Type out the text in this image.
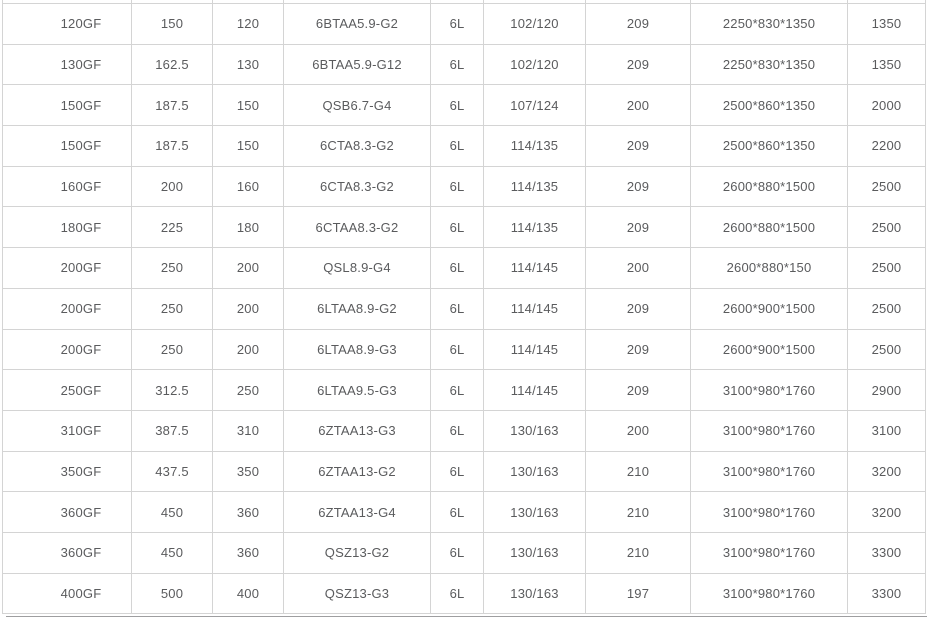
120GF	150	120	6BTAA5.9-G2	6L	102/120	209	2250*830*1350	1350
130GF	162.5	130	6BTAA5.9-G12	6L	102/120	209	2250*830*1350	1350
150GF	187.5	150	QSB6.7-G4	6L	107/124	200	2500*860*1350	2000
150GF	187.5	150	6CTA8.3-G2	6L	114/135	209	2500*860*1350	2200
160GF	200	160	6CTA8.3-G2	6L	114/135	209	2600*880*1500	2500
180GF	225	180	6CTAA8.3-G2	6L	114/135	209	2600*880*1500	2500
200GF	250	200	QSL8.9-G4	6L	114/145	200	2600*880*150	2500
200GF	250	200	6LTAA8.9-G2	6L	114/145	209	2600*900*1500	2500
200GF	250	200	6LTAA8.9-G3	6L	114/145	209	2600*900*1500	2500
250GF	312.5	250	6LTAA9.5-G3	6L	114/145	209	3100*980*1760	2900
310GF	387.5	310	6ZTAA13-G3	6L	130/163	200	3100*980*1760	3100
350GF	437.5	350	6ZTAA13-G2	6L	130/163	210	3100*980*1760	3200
360GF	450	360	6ZTAA13-G4	6L	130/163	210	3100*980*1760	3200
360GF	450	360	QSZ13-G2	6L	130/163	210	3100*980*1760	3300
400GF	500	400	QSZ13-G3	6L	130/163	197	3100*980*1760	3300
